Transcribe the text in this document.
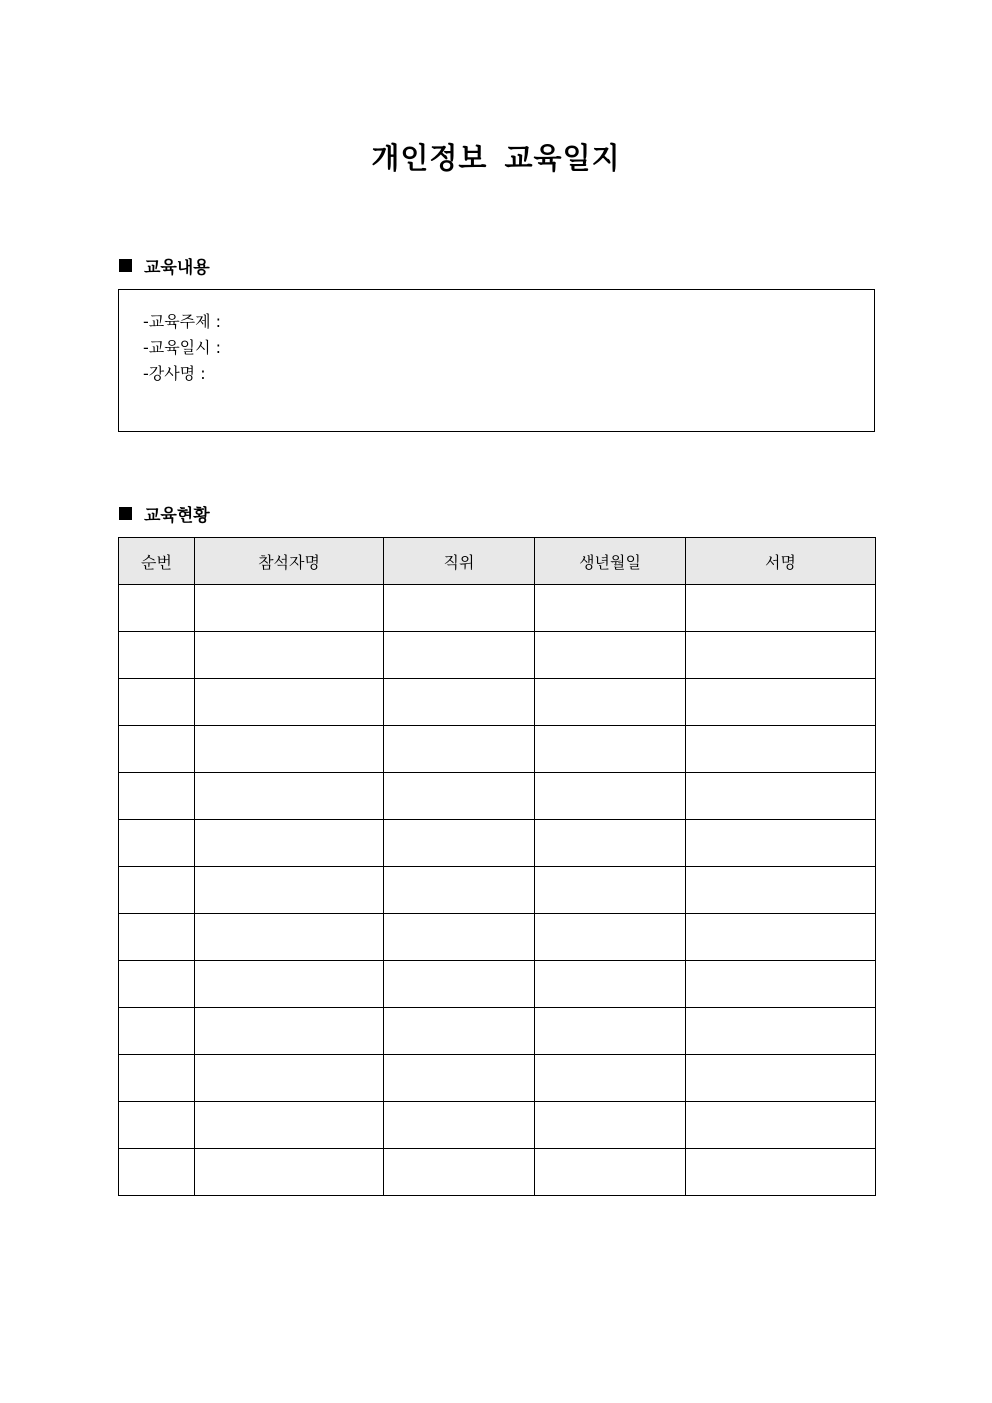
개인정보 교육일지
교육내용
-교육주제 :
-교육일시 :
-강사명 :
교육현황
순번	참석자명	직위	생년월일	서명
